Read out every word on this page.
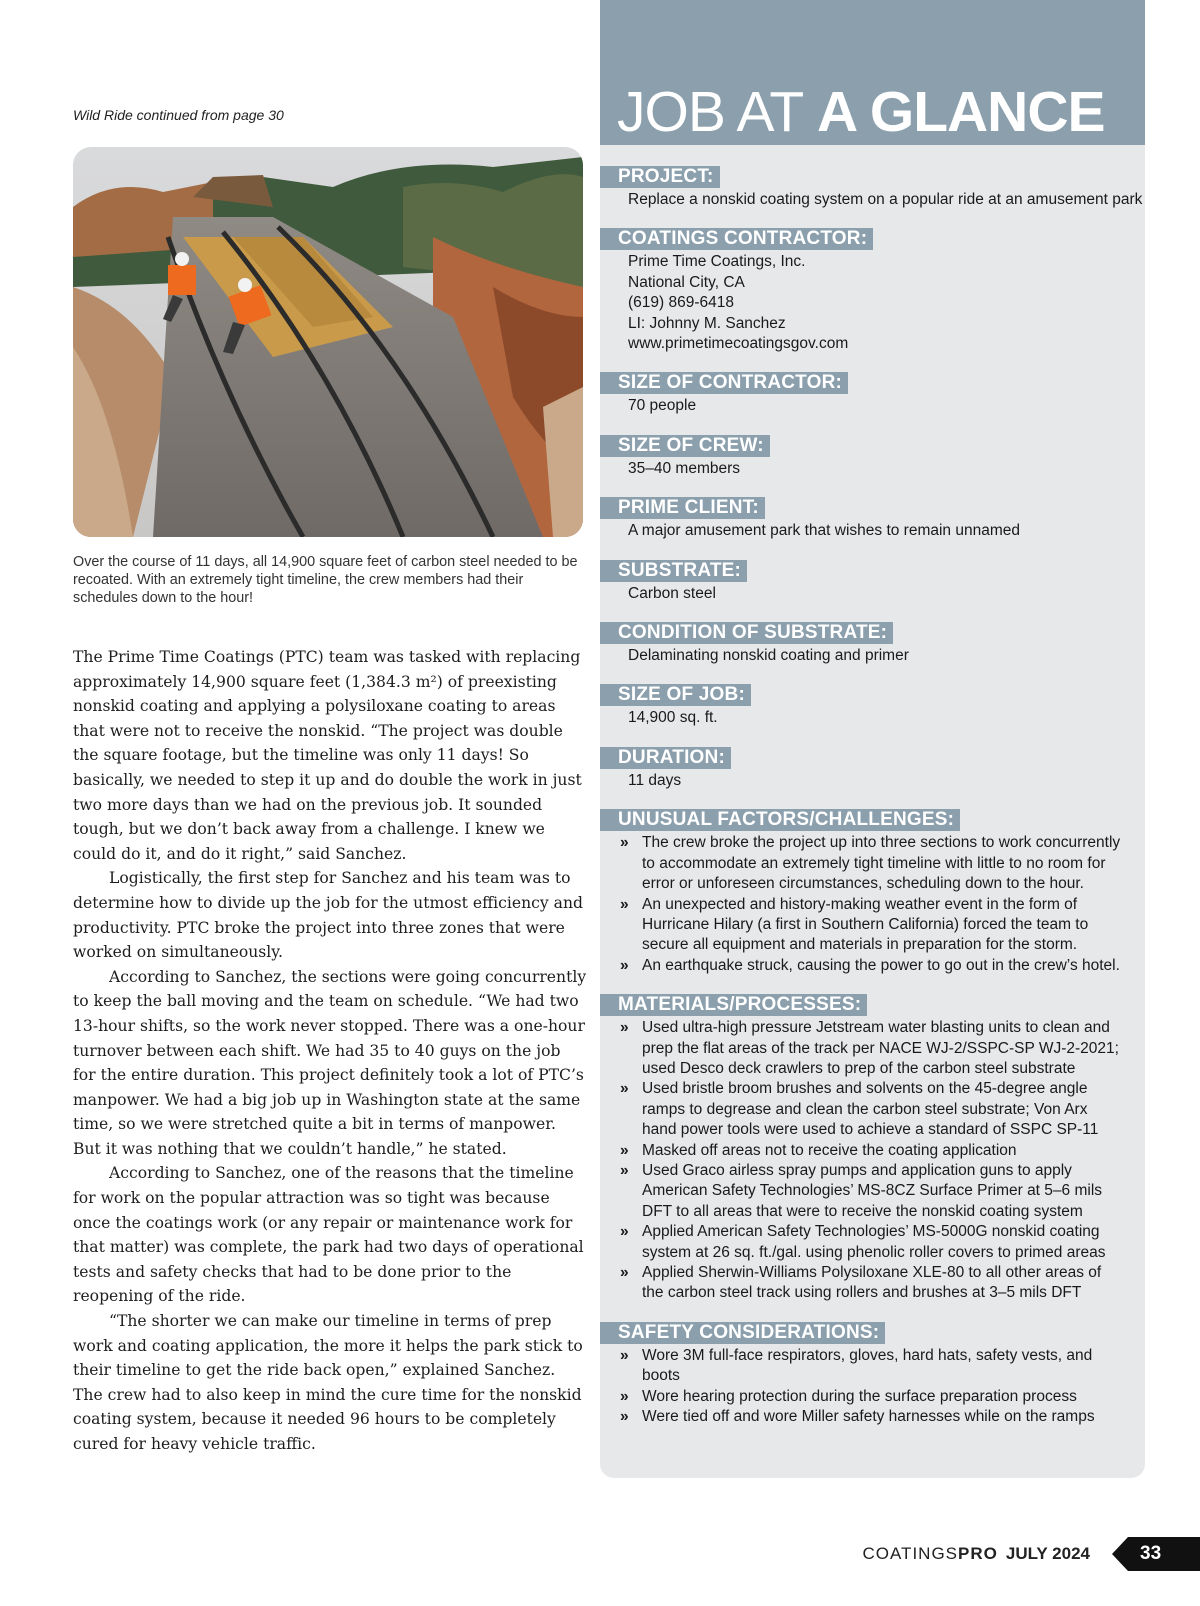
Wild Ride continued from page 30
Over the course of 11 days, all 14,900 square feet of carbon steel needed to be recoated. With an extremely tight timeline, the crew members had their schedules down to the hour!

The Prime Time Coatings (PTC) team was tasked with replacing approximately 14,900 square feet (1,384.3 m²) of preexisting nonskid coating and applying a polysiloxane coating to areas that were not to receive the nonskid. “The project was double the square footage, but the timeline was only 11 days! So basically, we needed to step it up and do double the work in just two more days than we had on the previous job. It sounded tough, but we don’t back away from a challenge. I knew we could do it, and do it right,” said Sanchez.

Logistically, the first step for Sanchez and his team was to determine how to divide up the job for the utmost efficiency and productivity. PTC broke the project into three zones that were worked on simultaneously.

According to Sanchez, the sections were going concurrently to keep the ball moving and the team on schedule. “We had two 13-hour shifts, so the work never stopped. There was a one-hour turnover between each shift. We had 35 to 40 guys on the job for the entire duration. This project definitely took a lot of PTC’s manpower. We had a big job up in Washington state at the same time, so we were stretched quite a bit in terms of manpower. But it was nothing that we couldn’t handle,” he stated.

According to Sanchez, one of the reasons that the timeline for work on the popular attraction was so tight was because once the coatings work (or any repair or maintenance work for that matter) was complete, the park had two days of operational tests and safety checks that had to be done prior to the reopening of the ride.

“The shorter we can make our timeline in terms of prep work and coating application, the more it helps the park stick to their timeline to get the ride back open,” explained Sanchez. The crew had to also keep in mind the cure time for the nonskid coating system, because it needed 96 hours to be completely cured for heavy vehicle traffic.

JOB AT A GLANCE
PROJECT:
Replace a nonskid coating system on a popular ride at an amusement park
COATINGS CONTRACTOR:
Prime Time Coatings, Inc.
National City, CA
(619) 869-6418
LI: Johnny M. Sanchez
www.primetimecoatingsgov.com
SIZE OF CONTRACTOR:
70 people
SIZE OF CREW:
35–40 members
PRIME CLIENT:
A major amusement park that wishes to remain unnamed
SUBSTRATE:
Carbon steel
CONDITION OF SUBSTRATE:
Delaminating nonskid coating and primer
SIZE OF JOB:
14,900 sq. ft.
DURATION:
11 days
UNUSUAL FACTORS/CHALLENGES:
» The crew broke the project up into three sections to work concurrently to accommodate an extremely tight timeline with little to no room for error or unforeseen circumstances, scheduling down to the hour.
» An unexpected and history-making weather event in the form of Hurricane Hilary (a first in Southern California) forced the team to secure all equipment and materials in preparation for the storm.
» An earthquake struck, causing the power to go out in the crew’s hotel.
MATERIALS/PROCESSES:
» Used ultra-high pressure Jetstream water blasting units to clean and prep the flat areas of the track per NACE WJ-2/SSPC-SP WJ-2-2021; used Desco deck crawlers to prep of the carbon steel substrate
» Used bristle broom brushes and solvents on the 45-degree angle ramps to degrease and clean the carbon steel substrate; Von Arx hand power tools were used to achieve a standard of SSPC SP-11
» Masked off areas not to receive the coating application
» Used Graco airless spray pumps and application guns to apply American Safety Technologies’ MS-8CZ Surface Primer at 5–6 mils DFT to all areas that were to receive the nonskid coating system
» Applied American Safety Technologies’ MS-5000G nonskid coating system at 26 sq. ft./gal. using phenolic roller covers to primed areas
» Applied Sherwin-Williams Polysiloxane XLE-80 to all other areas of the carbon steel track using rollers and brushes at 3–5 mils DFT
SAFETY CONSIDERATIONS:
» Wore 3M full-face respirators, gloves, hard hats, safety vests, and boots
» Wore hearing protection during the surface preparation process
» Were tied off and wore Miller safety harnesses while on the ramps
COATINGSPRO JULY 2024	33
